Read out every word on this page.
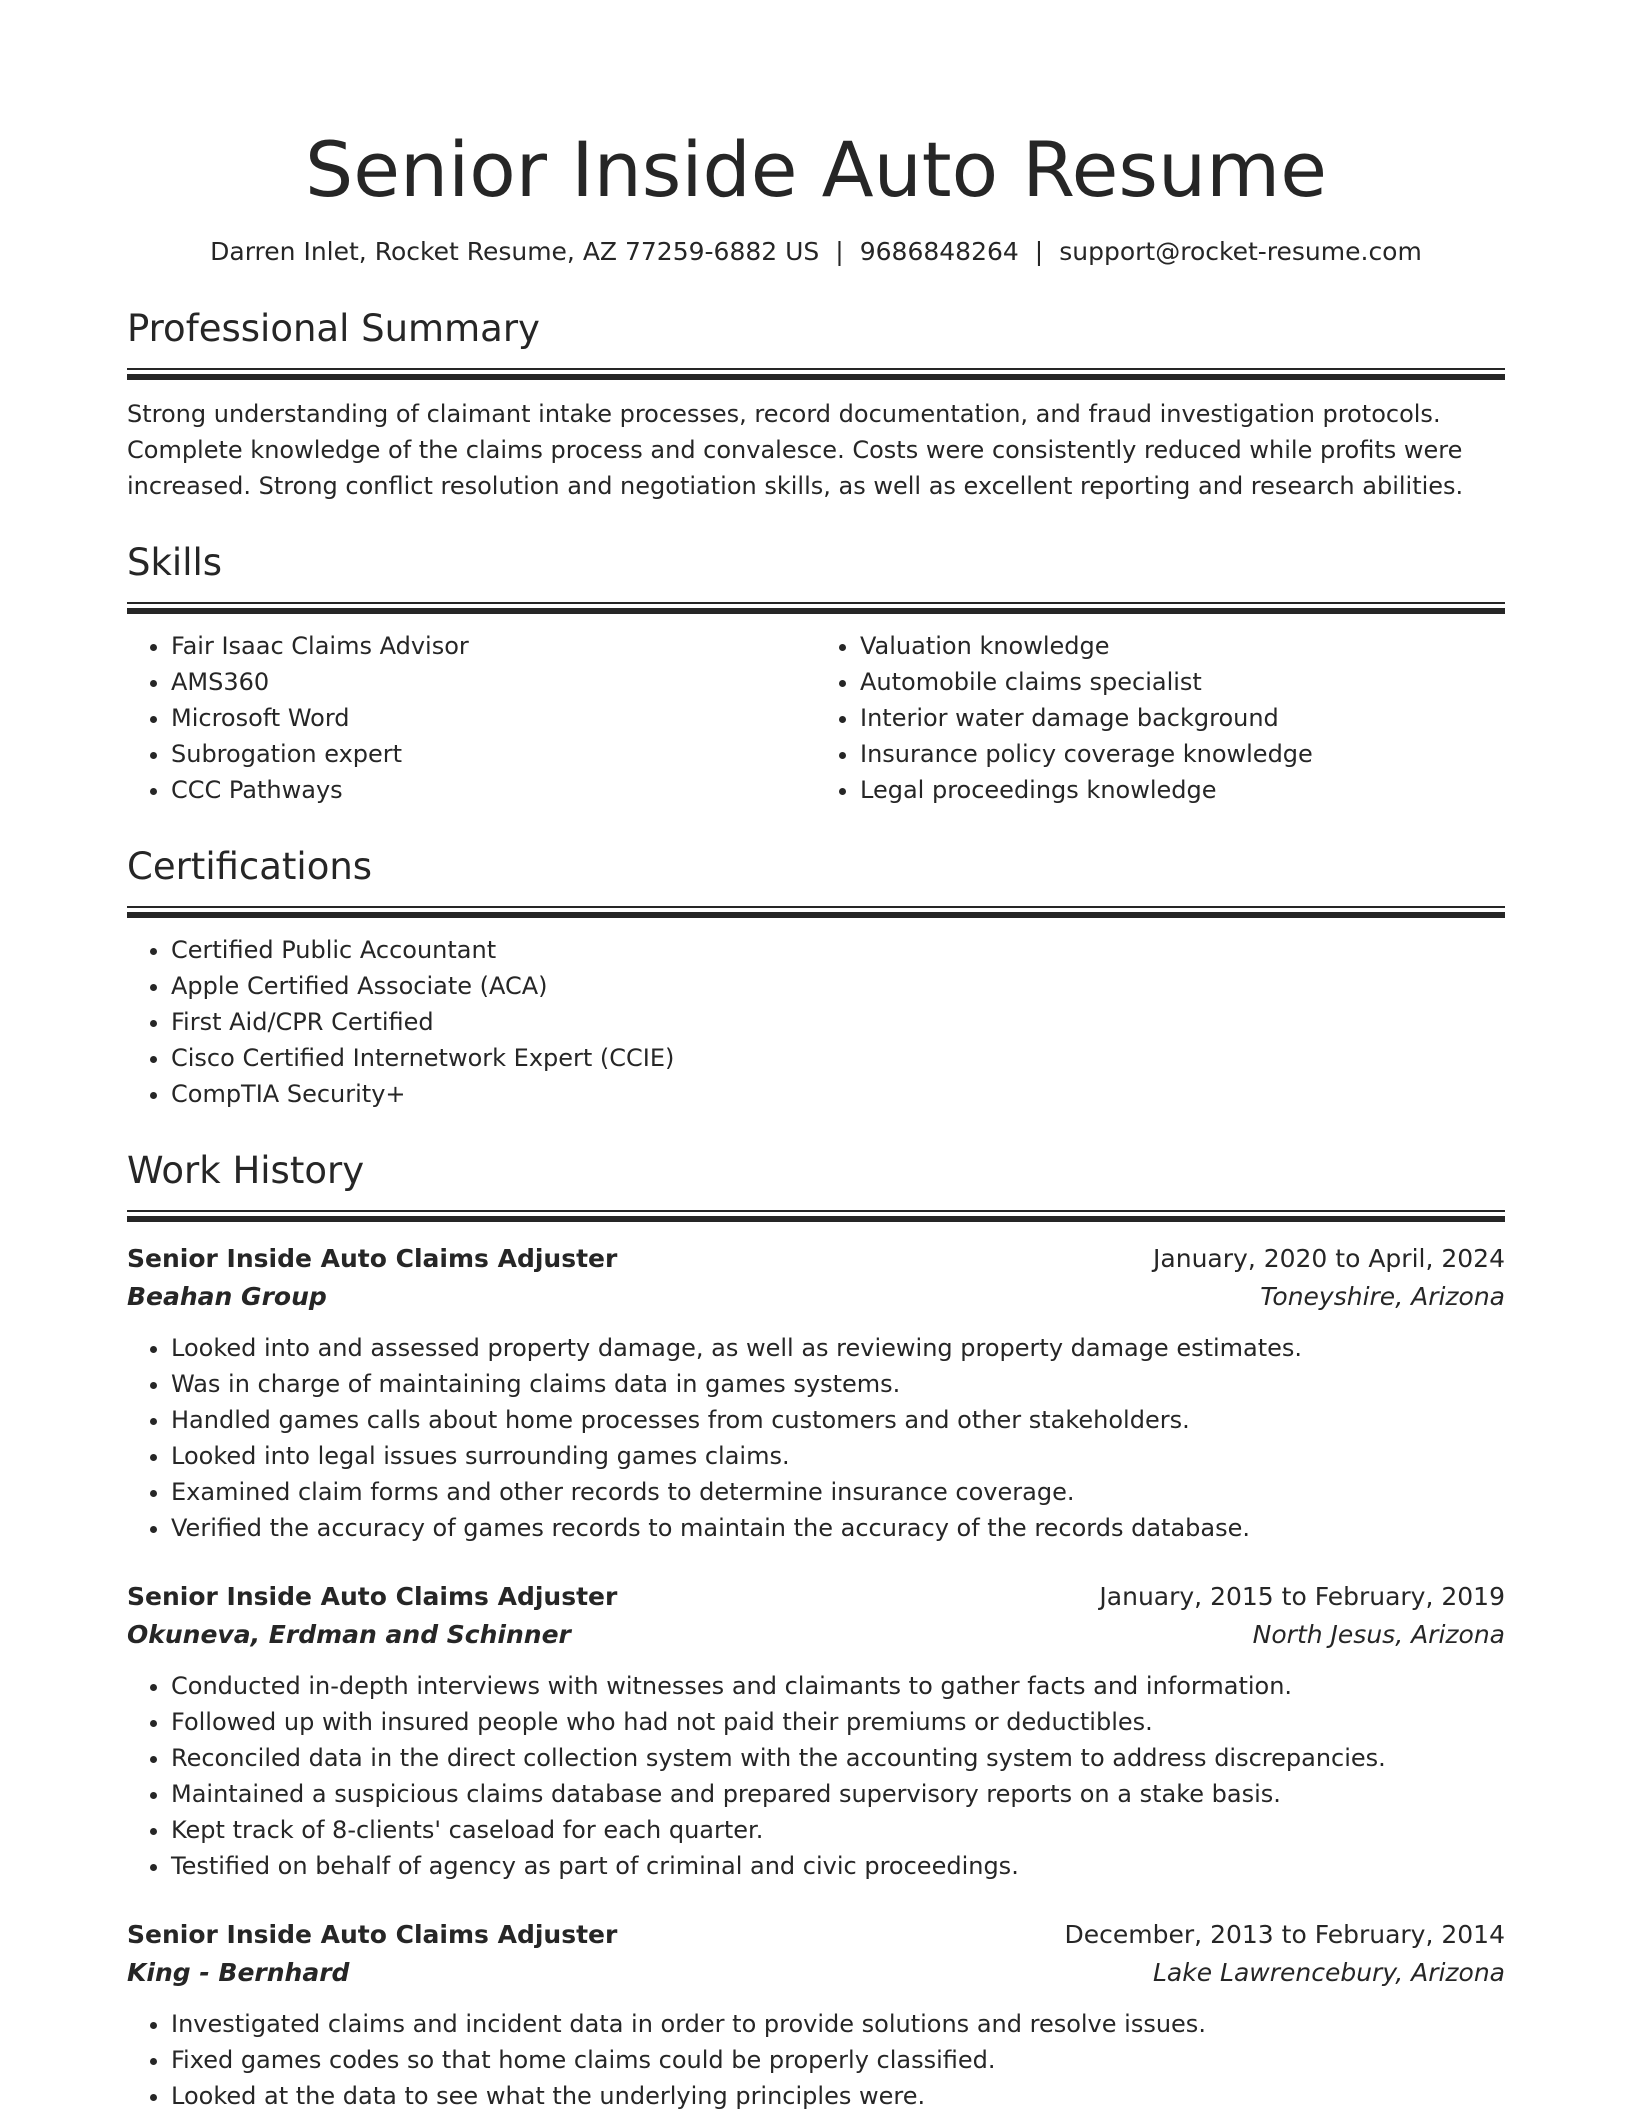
Senior Inside Auto Resume
Darren Inlet, Rocket Resume, AZ 77259-6882 US | 9686848264 | support@rocket-resume.com
Professional Summary
Strong understanding of claimant intake processes, record documentation, and fraud investigation protocols. Complete knowledge of the claims process and convalesce. Costs were consistently reduced while profits were increased. Strong conflict resolution and negotiation skills, as well as excellent reporting and research abilities.
Skills
• Fair Isaac Claims Advisor
• AMS360
• Microsoft Word
• Subrogation expert
• CCC Pathways
• Valuation knowledge
• Automobile claims specialist
• Interior water damage background
• Insurance policy coverage knowledge
• Legal proceedings knowledge
Certifications
• Certified Public Accountant
• Apple Certified Associate (ACA)
• First Aid/CPR Certified
• Cisco Certified Internetwork Expert (CCIE)
• CompTIA Security+
Work History
Senior Inside Auto Claims Adjuster	January, 2020 to April, 2024
Beahan Group	Toneyshire, Arizona
• Looked into and assessed property damage, as well as reviewing property damage estimates.
• Was in charge of maintaining claims data in games systems.
• Handled games calls about home processes from customers and other stakeholders.
• Looked into legal issues surrounding games claims.
• Examined claim forms and other records to determine insurance coverage.
• Verified the accuracy of games records to maintain the accuracy of the records database.
Senior Inside Auto Claims Adjuster	January, 2015 to February, 2019
Okuneva, Erdman and Schinner	North Jesus, Arizona
• Conducted in-depth interviews with witnesses and claimants to gather facts and information.
• Followed up with insured people who had not paid their premiums or deductibles.
• Reconciled data in the direct collection system with the accounting system to address discrepancies.
• Maintained a suspicious claims database and prepared supervisory reports on a stake basis.
• Kept track of 8-clients' caseload for each quarter.
• Testified on behalf of agency as part of criminal and civic proceedings.
Senior Inside Auto Claims Adjuster	December, 2013 to February, 2014
King - Bernhard	Lake Lawrencebury, Arizona
• Investigated claims and incident data in order to provide solutions and resolve issues.
• Fixed games codes so that home claims could be properly classified.
• Looked at the data to see what the underlying principles were.
